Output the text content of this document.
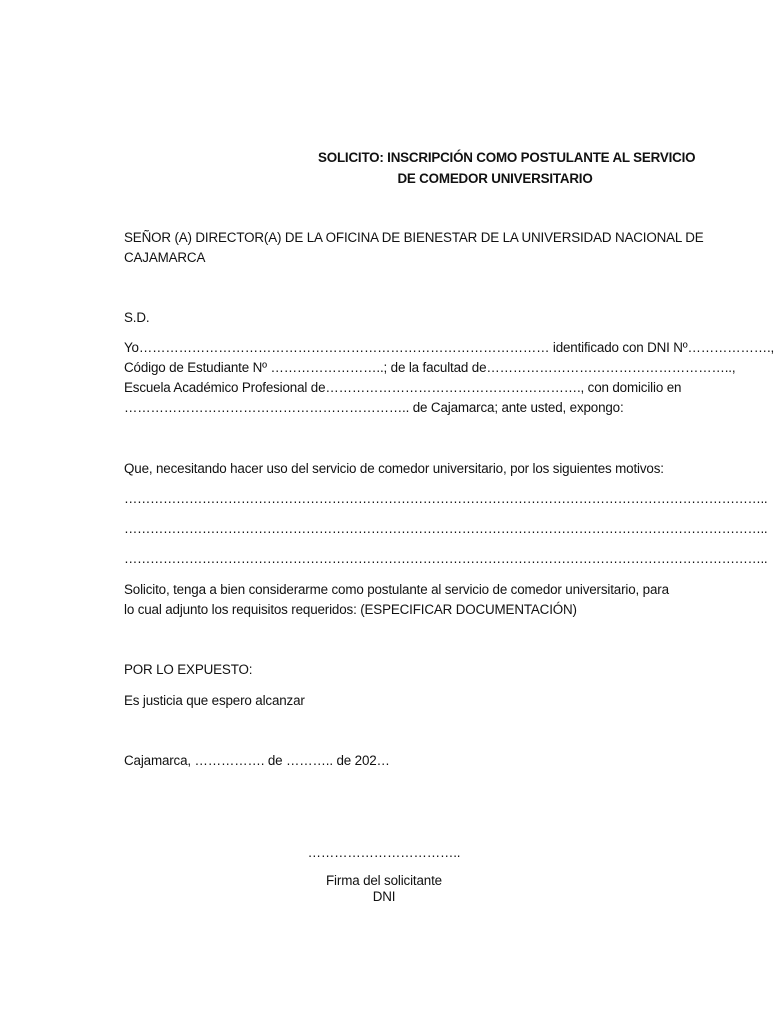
SOLICITO: INSCRIPCIÓN COMO POSTULANTE AL SERVICIO
DE COMEDOR UNIVERSITARIO
SEÑOR (A) DIRECTOR(A) DE LA OFICINA DE BIENESTAR DE LA UNIVERSIDAD NACIONAL DE
CAJAMARCA
S.D.
Yo………………………………………………………………………………… identificado con DNI Nº……………….,
Código de Estudiante Nº ……………………..; de la facultad de………………………………………………..,
Escuela Académico Profesional de…………………………………………………., con domicilio en
……………………………………………………….. de Cajamarca; ante usted, expongo:
Que, necesitando hacer uso del servicio de comedor universitario, por los siguientes motivos:
…………………………………………………………………………………………………………………………………..
…………………………………………………………………………………………………………………………………..
…………………………………………………………………………………………………………………………………..
Solicito, tenga a bien considerarme como postulante al servicio de comedor universitario, para
lo cual adjunto los requisitos requeridos: (ESPECIFICAR DOCUMENTACIÓN)
POR LO EXPUESTO:
Es justicia que espero alcanzar
Cajamarca, ……………. de ……….. de 202…
……………………………..
Firma del solicitante
DNI
